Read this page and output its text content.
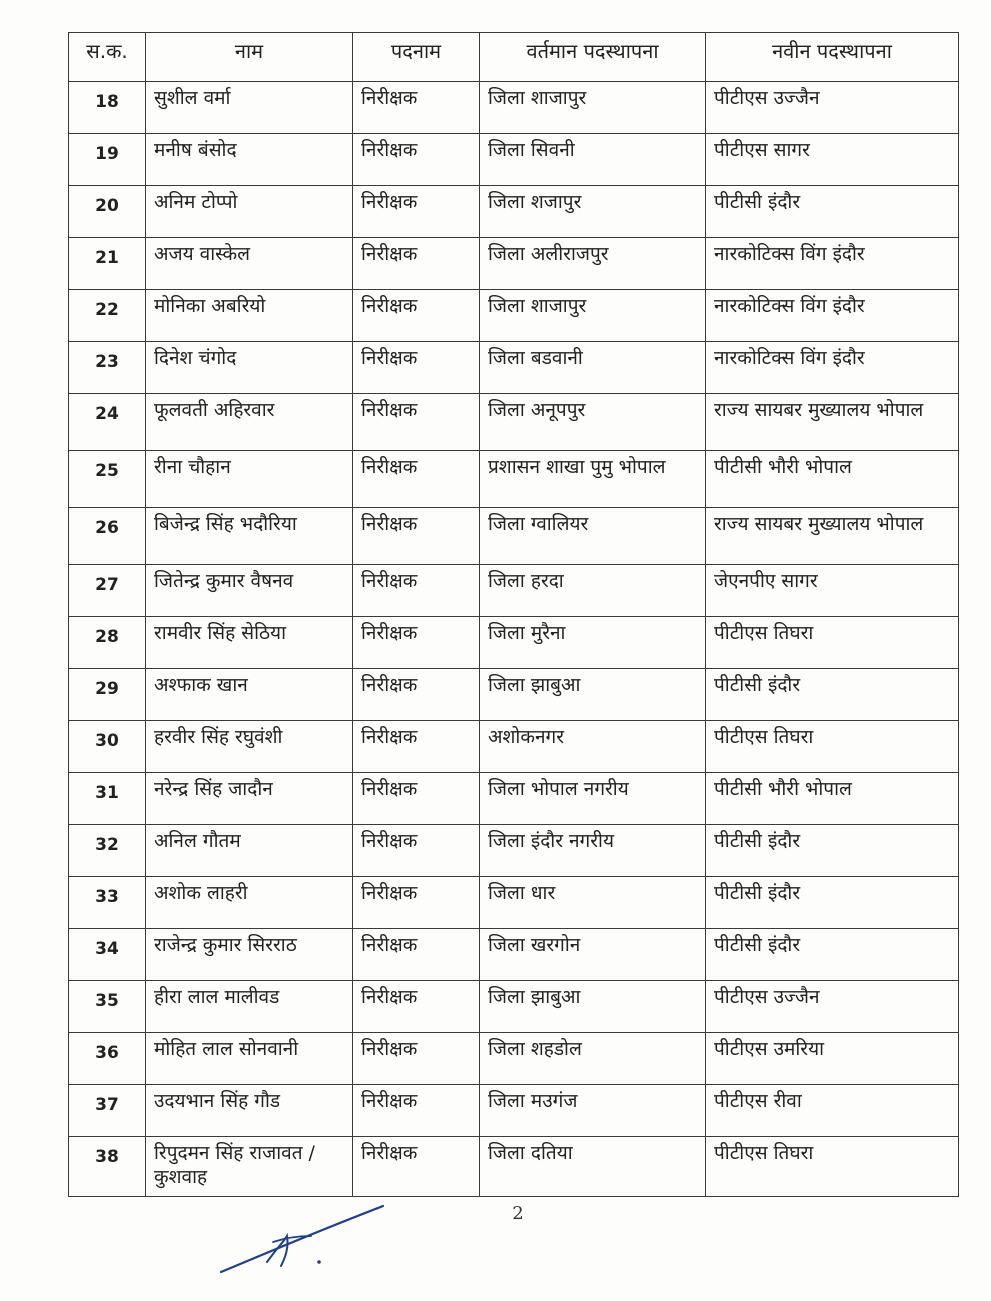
स.क.	नाम	पदनाम	वर्तमान पदस्थापना	नवीन पदस्थापना
18	सुशील वर्मा	निरीक्षक	जिला शाजापुर	पीटीएस उज्जैन
19	मनीष बंसोद	निरीक्षक	जिला सिवनी	पीटीएस सागर
20	अनिम टोप्पो	निरीक्षक	जिला शजापुर	पीटीसी इंदौर
21	अजय वास्केल	निरीक्षक	जिला अलीराजपुर	नारकोटिक्स विंग इंदौर
22	मोनिका अबरियो	निरीक्षक	जिला शाजापुर	नारकोटिक्स विंग इंदौर
23	दिनेश चंगोद	निरीक्षक	जिला बडवानी	नारकोटिक्स विंग इंदौर
24	फूलवती अहिरवार	निरीक्षक	जिला अनूपपुर	राज्य सायबर मुख्यालय भोपाल
25	रीना चौहान	निरीक्षक	प्रशासन शाखा पुमु भोपाल	पीटीसी भौरी भोपाल
26	बिजेन्द्र सिंह भदौरिया	निरीक्षक	जिला ग्वालियर	राज्य सायबर मुख्यालय भोपाल
27	जितेन्द्र कुमार वैषनव	निरीक्षक	जिला हरदा	जेएनपीए सागर
28	रामवीर सिंह सेठिया	निरीक्षक	जिला मुरैना	पीटीएस तिघरा
29	अश्फाक खान	निरीक्षक	जिला झाबुआ	पीटीसी इंदौर
30	हरवीर सिंह रघुवंशी	निरीक्षक	अशोकनगर	पीटीएस तिघरा
31	नरेन्द्र सिंह जादौन	निरीक्षक	जिला भोपाल नगरीय	पीटीसी भौरी भोपाल
32	अनिल गौतम	निरीक्षक	जिला इंदौर नगरीय	पीटीसी इंदौर
33	अशोक लाहरी	निरीक्षक	जिला धार	पीटीसी इंदौर
34	राजेन्द्र कुमार सिरराठ	निरीक्षक	जिला खरगोन	पीटीसी इंदौर
35	हीरा लाल मालीवड	निरीक्षक	जिला झाबुआ	पीटीएस उज्जैन
36	मोहित लाल सोनवानी	निरीक्षक	जिला शहडोल	पीटीएस उमरिया
37	उदयभान सिंह गौड	निरीक्षक	जिला मउगंज	पीटीएस रीवा
38	रिपुदमन सिंह राजावत / कुशवाह	निरीक्षक	जिला दतिया	पीटीएस तिघरा
2
